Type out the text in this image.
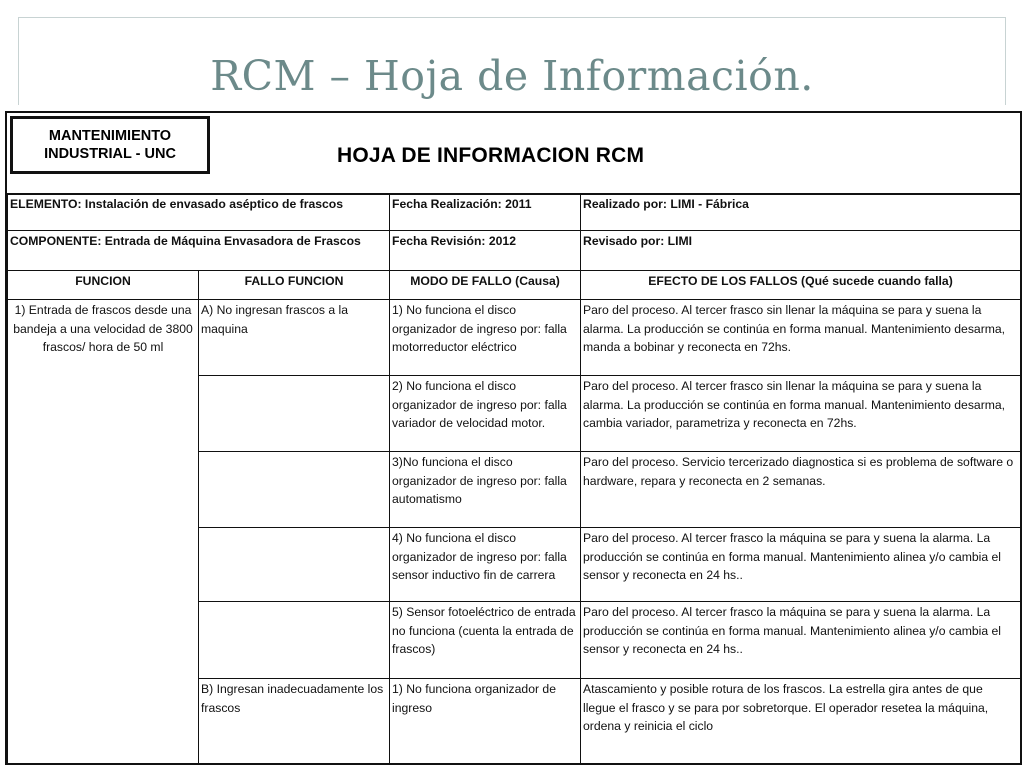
RCM – Hoja de Información.
MANTENIMIENTO
INDUSTRIAL - UNC	HOJA DE INFORMACION RCM
ELEMENTO: Instalación de envasado aséptico de frascos		Fecha Realización: 2011	Realizado por: LIMI - Fábrica
COMPONENTE: Entrada de Máquina Envasadora de Frascos		Fecha Revisión: 2012	Revisado por: LIMI
FUNCION	FALLO FUNCION	MODO DE FALLO (Causa)	EFECTO DE LOS FALLOS (Qué sucede cuando falla)
1) Entrada de frascos desde una bandeja a una velocidad de 3800 frascos/ hora de 50 ml	A) No ingresan frascos a la maquina	1) No funciona el disco organizador de ingreso por: falla motorreductor eléctrico	Paro del proceso. Al tercer frasco sin llenar la máquina se para y suena la alarma. La producción se continúa en forma manual. Mantenimiento desarma, manda a bobinar y reconecta en 72hs.
		2) No funciona el disco organizador de ingreso por: falla variador de velocidad motor.	Paro del proceso. Al tercer frasco sin llenar la máquina se para y suena la alarma. La producción se continúa en forma manual. Mantenimiento desarma, cambia variador, parametriza y reconecta en 72hs.
		3)No funciona el disco organizador de ingreso por: falla automatismo	Paro del proceso. Servicio tercerizado diagnostica si es problema de software o hardware, repara y reconecta en 2 semanas.
		4) No funciona el disco organizador de ingreso por: falla sensor inductivo fin de carrera	Paro del proceso. Al tercer frasco la máquina se para y suena la alarma. La producción se continúa en forma manual. Mantenimiento alinea y/o cambia el sensor y reconecta en 24 hs..
		5) Sensor fotoeléctrico de entrada no funciona (cuenta la entrada de frascos)	Paro del proceso. Al tercer frasco la máquina se para y suena la alarma. La producción se continúa en forma manual. Mantenimiento alinea y/o cambia el sensor y reconecta en 24 hs..
	B) Ingresan inadecuadamente los frascos	1) No funciona organizador de ingreso	Atascamiento y posible rotura de los frascos. La estrella gira antes de que llegue el frasco y se para por sobretorque. El operador resetea la máquina, ordena y reinicia el ciclo
